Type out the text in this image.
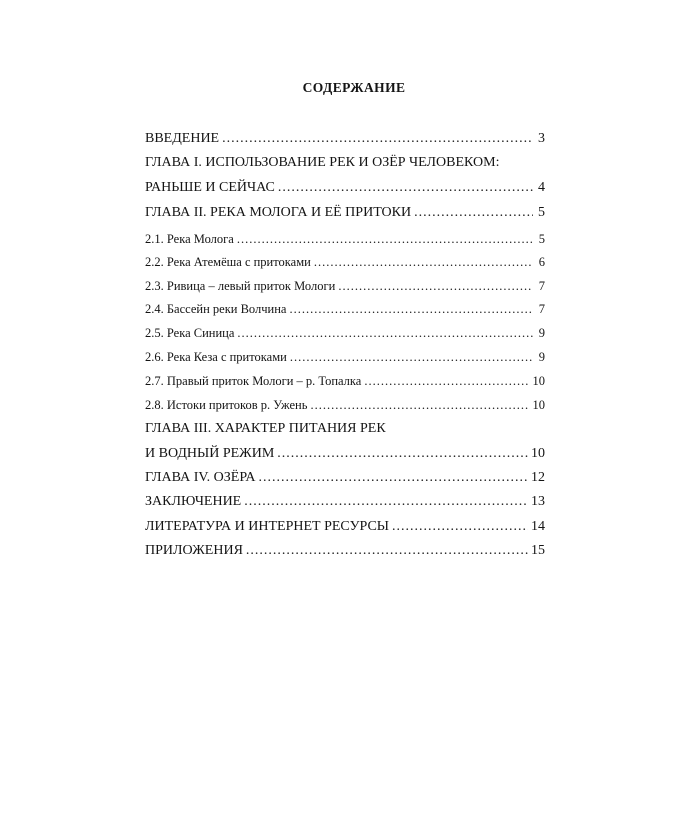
СОДЕРЖАНИЕ
ВВЕДЕНИЕ .....	3
ГЛАВА I. ИСПОЛЬЗОВАНИЕ РЕК И ОЗЁР ЧЕЛОВЕКОМ:
РАНЬШЕ И СЕЙЧАС .....	4
ГЛАВА II. РЕКА МОЛОГА И ЕЁ ПРИТОКИ .....	5
2.1. Река Молога .....	5
2.2. Река Атемёша с притоками .....	6
2.3. Ривица – левый приток Мологи .....	7
2.4. Бассейн реки Волчина .....	7
2.5. Река Синица .....	9
2.6. Река Кеза с притоками .....	9
2.7. Правый приток Мологи – р. Топалка .....	10
2.8. Истоки притоков р. Ужень .....	10
ГЛАВА III. ХАРАКТЕР ПИТАНИЯ РЕК
И ВОДНЫЙ РЕЖИМ .....	10
ГЛАВА IV. ОЗЁРА .....	12
ЗАКЛЮЧЕНИЕ .....	13
ЛИТЕРАТУРА И ИНТЕРНЕТ РЕСУРСЫ .....	14
ПРИЛОЖЕНИЯ .....	15
